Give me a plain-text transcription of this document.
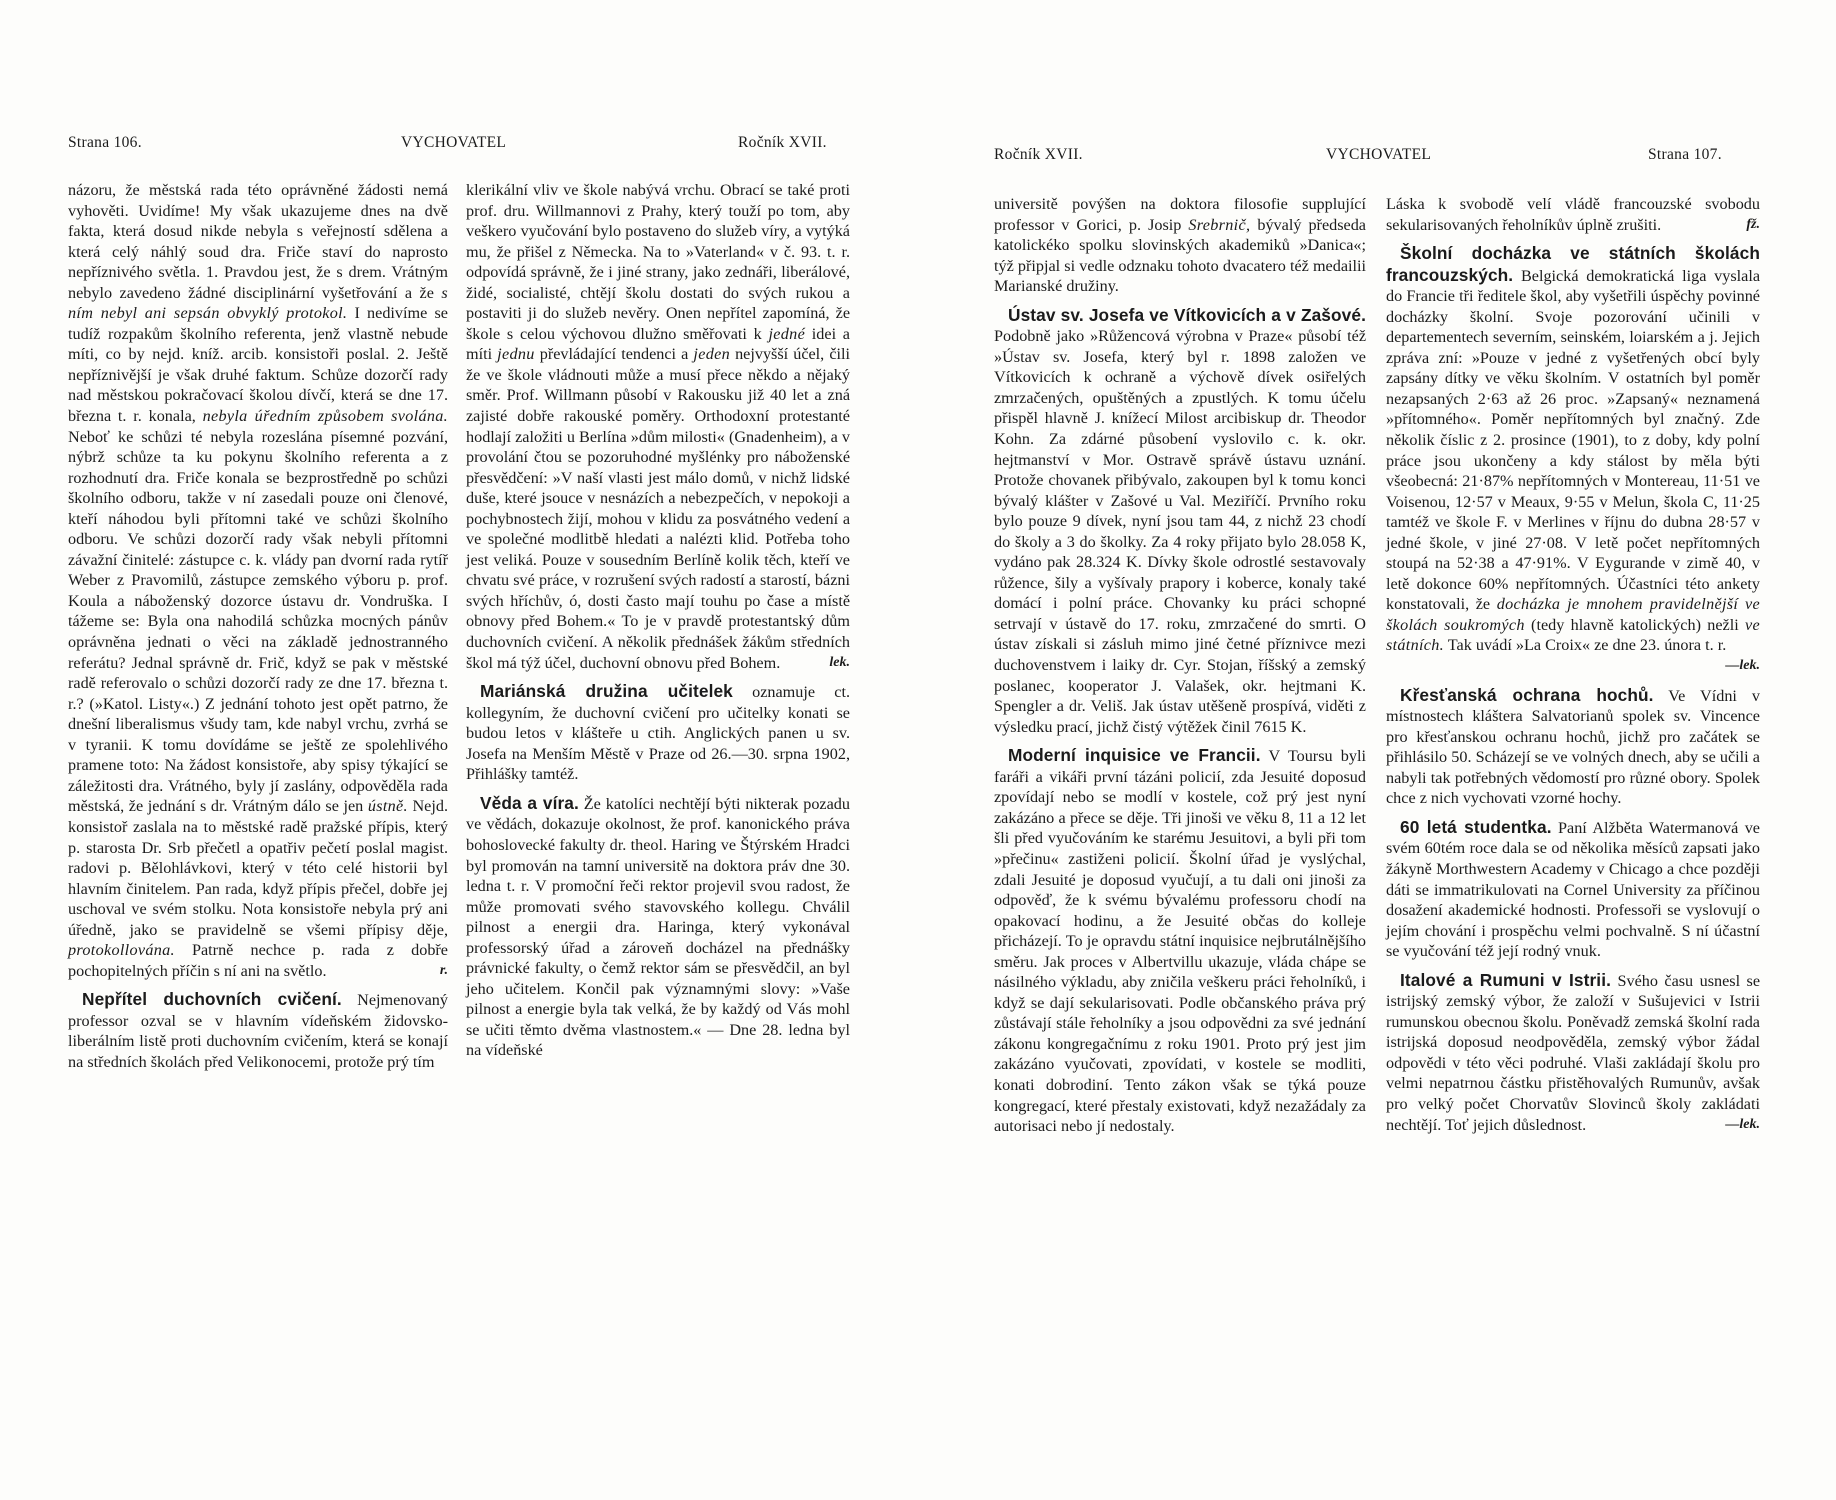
Strana 106.	VYCHOVATEL	Ročník XVII.

názoru, že městská rada této oprávněné žádosti nemá vyhověti. Uvidíme! My však ukazujeme dnes na dvě fakta, která dosud nikde nebyla s veřejností sdělena a která celý náhlý soud dra. Friče staví do naprosto nepříznivého světla. 1. Pravdou jest, že s drem. Vrátným nebylo zavedeno žádné disciplinární vyšetřování a že s ním nebyl ani sepsán obvyklý protokol. I nedivíme se tudíž rozpakům školního referenta, jenž vlastně nebude míti, co by nejd. kníž. arcib. konsistoři poslal. 2. Ještě nepříznivější je však druhé faktum. Schůze dozorčí rady nad městskou pokračovací školou dívčí, která se dne 17. března t. r. konala, nebyla úředním způsobem svolána. Neboť ke schůzi té nebyla rozeslána písemné pozvání, nýbrž schůze ta ku pokynu školního referenta a z rozhodnutí dra. Friče konala se bezprostředně po schůzi školního odboru, takže v ní zasedali pouze oni členové, kteří náhodou byli přítomni také ve schůzi školního odboru. Ve schůzi dozorčí rady však nebyli přítomni závažní činitelé: zástupce c. k. vlády pan dvorní rada rytíř Weber z Pravomilů, zástupce zemského výboru p. prof. Koula a náboženský dozorce ústavu dr. Vondruška. I tážeme se: Byla ona nahodilá schůzka mocných pánův oprávněna jednati o věci na základě jednostranného referátu? Jednal správně dr. Frič, když se pak v městské radě referovalo o schůzi dozorčí rady ze dne 17. března t. r.? (»Katol. Listy«.) Z jednání tohoto jest opět patrno, že dnešní liberalismus všudy tam, kde nabyl vrchu, zvrhá se v tyranii. K tomu dovídáme se ještě ze spolehlivého pramene toto: Na žádost konsistoře, aby spisy týkající se záležitosti dra. Vrátného, byly jí zaslány, odpověděla rada městská, že jednání s dr. Vrátným dálo se jen ústně. Nejd. konsistoř zaslala na to městské radě pražské přípis, který p. starosta Dr. Srb přečetl a opatřiv pečetí poslal magist. radovi p. Bělohlávkovi, který v této celé historii byl hlavním činitelem. Pan rada, když přípis přečel, dobře jej uschoval ve svém stolku. Nota konsistoře nebyla prý ani úředně, jako se pravidelně se všemi přípisy děje, protokollována. Patrně nechce p. rada z dobře pochopitelných příčin s ní ani na světlo.	r.

Nepřítel duchovních cvičení. Nejmenovaný professor ozval se v hlavním vídeňském židovsko-liberálním listě proti duchovním cvičením, která se konají na středních školách před Velikonocemi, protože prý tím

klerikální vliv ve škole nabývá vrchu. Obrací se také proti prof. dru. Willmannovi z Prahy, který touží po tom, aby veškero vyučování bylo postaveno do služeb víry, a vytýká mu, že přišel z Německa. Na to »Vaterland« v č. 93. t. r. odpovídá správně, že i jiné strany, jako zednáři, liberálové, židé, socialisté, chtějí školu dostati do svých rukou a postaviti ji do služeb nevěry. Onen nepřítel zapomíná, že škole s celou výchovou dlužno směřovati k jedné idei a míti jednu převládající tendenci a jeden nejvyšší účel, čili že ve škole vládnouti může a musí přece někdo a nějaký směr. Prof. Willmann působí v Rakousku již 40 let a zná zajisté dobře rakouské poměry. Orthodoxní protestanté hodlají založiti u Berlína »dům milosti« (Gnadenheim), a v provolání čtou se pozoruhodné myšlénky pro náboženské přesvědčení: »V naší vlasti jest málo domů, v nichž lidské duše, které jsouce v nesnázích a nebezpečích, v nepokoji a pochybnostech žijí, mohou v klidu za posvátného vedení a ve společné modlitbě hledati a nalézti klid. Potřeba toho jest veliká. Pouze v sousedním Berlíně kolik těch, kteří ve chvatu své práce, v rozrušení svých radostí a starostí, bázni svých hříchův, ó, dosti často mají touhu po čase a místě obnovy před Bohem.« To je v pravdě protestantský dům duchovních cvičení. A několik přednášek žákům středních škol má týž účel, duchovní obnovu před Bohem.	lek.

Mariánská družina učitelek oznamuje ct. kollegyním, že duchovní cvičení pro učitelky konati se budou letos v klášteře u ctih. Anglických panen u sv. Josefa na Menším Městě v Praze od 26.—30. srpna 1902, Přihlášky tamtéž.

Věda a víra. Že katolíci nechtějí býti nikterak pozadu ve vědách, dokazuje okolnost, že prof. kanonického práva bohoslovecké fakulty dr. theol. Haring ve Štýrském Hradci byl promován na tamní universitě na doktora práv dne 30. ledna t. r. V promoční řeči rektor projevil svou radost, že může promovati svého stavovského kollegu. Chválil pilnost a energii dra. Haringa, který vykonával professorský úřad a zároveň docházel na přednášky právnické fakulty, o čemž rektor sám se přesvědčil, an byl jeho učitelem. Končil pak významnými slovy: »Vaše pilnost a energie byla tak velká, že by každý od Vás mohl se učiti těmto dvěma vlastnostem.« — Dne 28. ledna byl na vídeňské

Ročník XVII.	VYCHOVATEL	Strana 107.

universitě povýšen na doktora filosofie supplující professor v Gorici, p. Josip Srebrnič, bývalý předseda katolickéko spolku slovinských akademiků »Danica«; týž připjal si vedle odznaku tohoto dvacatero též medailii Marianské družiny.

Ústav sv. Josefa ve Vítkovicích a v Zašové. Podobně jako »Růžencová výrobna v Praze« působí též »Ústav sv. Josefa, který byl r. 1898 založen ve Vítkovicích k ochraně a výchově dívek osiřelých zmrzačených, opuštěných a zpustlých. K tomu účelu přispěl hlavně J. knížecí Milost arcibiskup dr. Theodor Kohn. Za zdárné působení vyslovilo c. k. okr. hejtmanství v Mor. Ostravě správě ústavu uznání. Protože chovanek přibývalo, zakoupen byl k tomu konci bývalý klášter v Zašové u Val. Meziříčí. Prvního roku bylo pouze 9 dívek, nyní jsou tam 44, z nichž 23 chodí do školy a 3 do školky. Za 4 roky přijato bylo 28.058 K, vydáno pak 28.324 K. Dívky škole odrostlé sestavovaly růžence, šily a vyšívaly prapory i koberce, konaly také domácí i polní práce. Chovanky ku práci schopné setrvají v ústavě do 17. roku, zmrzačené do smrti. O ústav získali si zásluh mimo jiné četné příznivce mezi duchovenstvem i laiky dr. Cyr. Stojan, říšský a zemský poslanec, kooperator J. Valašek, okr. hejtmani K. Spengler a dr. Veliš. Jak ústav utěšeně prospívá, viděti z výsledku prací, jichž čistý výtěžek činil 7615 K.

Moderní inquisice ve Francii. V Toursu byli faráři a vikáři první tázáni policií, zda Jesuité doposud zpovídají nebo se modlí v kostele, což prý jest nyní zakázáno a přece se děje. Tři jinoši ve věku 8, 11 a 12 let šli před vyučováním ke starému Jesuitovi, a byli při tom »přečinu« zastiženi policií. Školní úřad je vyslýchal, zdali Jesuité je doposud vyučují, a tu dali oni jinoši za odpověď, že k svému bývalému professoru chodí na opakovací hodinu, a že Jesuité občas do kolleje přicházejí. To je opravdu státní inquisice nejbrutálnějšího směru. Jak proces v Albertvillu ukazuje, vláda chápe se násilného výkladu, aby zničila veškeru práci řeholníků, i když se dají sekularisovati. Podle občanského práva prý zůstávají stále řeholníky a jsou odpovědni za své jednání zákonu kongregačnímu z roku 1901. Proto prý jest jim zakázáno vyučovati, zpovídati, v kostele se modliti, konati dobrodiní. Tento zákon však se týká pouze kongregací, které přestaly existovati, když nezažádaly za autorisaci nebo jí nedostaly.

Láska k svobodě velí vládě francouzské svobodu sekularisovaných řeholníkův úplně zrušiti.	fž.

Školní docházka ve státních školách francouzských. Belgická demokratická liga vyslala do Francie tři ředitele škol, aby vyšetřili úspěchy povinné docházky školní. Svoje pozorování učinili v departementech severním, seinském, loiarském a j. Jejich zpráva zní: »Pouze v jedné z vyšetřených obcí byly zapsány dítky ve věku školním. V ostatních byl poměr nezapsaných 2·63 až 26 proc. »Zapsaný« neznamená »přítomného«. Poměr nepřítomných byl značný. Zde několik číslic z 2. prosince (1901), to z doby, kdy polní práce jsou ukončeny a kdy stálost by měla býti všeobecná: 21·87% nepřítomných v Montereau, 11·51 ve Voisenou, 12·57 v Meaux, 9·55 v Melun, škola C, 11·25 tamtéž ve škole F. v Merlines v říjnu do dubna 28·57 v jedné škole, v jiné 27·08. V letě počet nepřítomných stoupá na 52·38 a 47·91%. V Eygurande v zimě 40, v letě dokonce 60% nepřítomných. Účastníci této ankety konstatovali, že docházka je mnohem pravidelnější ve školách soukromých (tedy hlavně katolických) nežli ve státních. Tak uvádí »La Croix« ze dne 23. února t. r.
—lek.

Křesťanská ochrana hochů. Ve Vídni v místnostech kláštera Salvatorianů spolek sv. Vincence pro křesťanskou ochranu hochů, jichž pro začátek se přihlásilo 50. Scházejí se ve volných dnech, aby se učili a nabyli tak potřebných vědomostí pro různé obory. Spolek chce z nich vychovati vzorné hochy.

60 letá studentka. Paní Alžběta Watermanová ve svém 60tém roce dala se od několika měsíců zapsati jako žákyně Morthwestern Academy v Chicago a chce později dáti se immatrikulovati na Cornel University za příčinou dosažení akademické hodnosti. Professoři se vyslovují o jejím chování i prospěchu velmi pochvalně. S ní účastní se vyučování též její rodný vnuk.

Italové a Rumuni v Istrii. Svého času usnesl se istrijský zemský výbor, že založí v Sušujevici v Istrii rumunskou obecnou školu. Poněvadž zemská školní rada istrijská doposud neodpověděla, zemský výbor žádal odpovědi v této věci podruhé. Vlaši zakládají školu pro velmi nepatrnou částku přistěhovalých Rumunův, avšak pro velký počet Chorvatův Slovinců školy zakládati nechtějí. Toť jejich důslednost.	—lek.
